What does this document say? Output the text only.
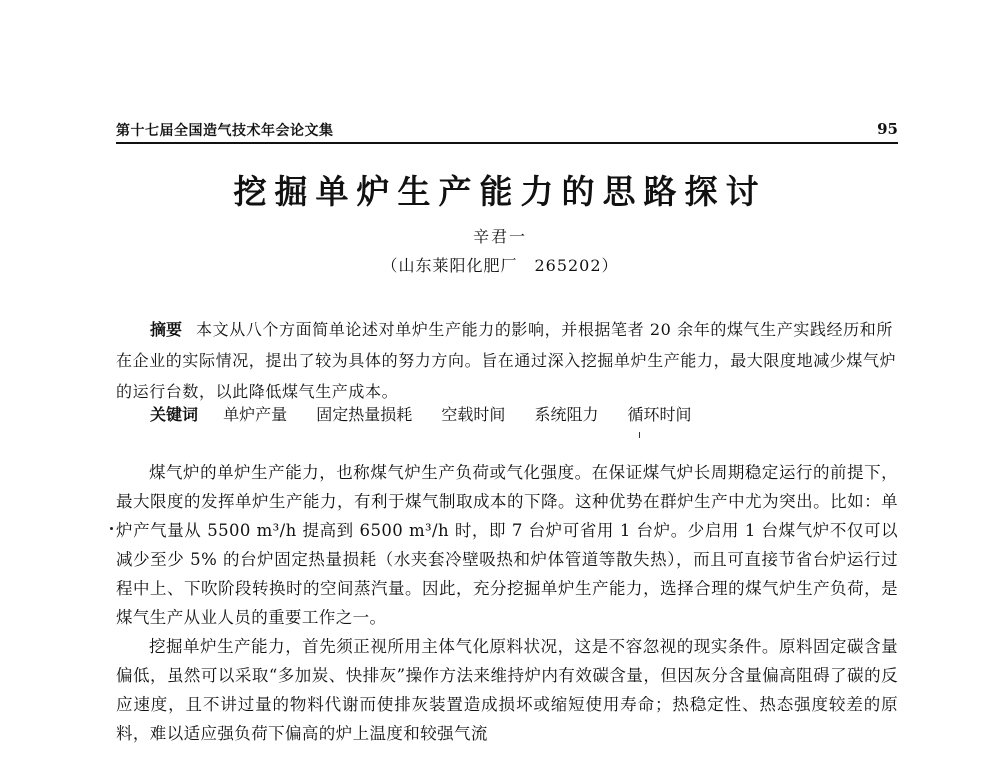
第十七届全国造气技术年会论文集	95
挖掘单炉生产能力的思路探讨
辛君一
（山东莱阳化肥厂　265202）
摘要 本文从八个方面简单论述对单炉生产能力的影响，并根据笔者 20 余年的煤气生产实践经历和所在企业的实际情况，提出了较为具体的努力方向。旨在通过深入挖掘单炉生产能力，最大限度地减少煤气炉的运行台数，以此降低煤气生产成本。
关键词 单炉产量 固定热量损耗 空载时间 系统阻力 循环时间

煤气炉的单炉生产能力，也称煤气炉生产负荷或气化强度。在保证煤气炉长周期稳定运行的前提下，最大限度的发挥单炉生产能力，有利于煤气制取成本的下降。这种优势在群炉生产中尤为突出。比如：单炉产气量从 5500 m³/h 提高到 6500 m³/h 时，即 7 台炉可省用 1 台炉。少启用 1 台煤气炉不仅可以减少至少 5% 的台炉固定热量损耗（水夹套冷壁吸热和炉体管道等散失热），而且可直接节省台炉运行过程中上、下吹阶段转换时的空间蒸汽量。因此，充分挖掘单炉生产能力，选择合理的煤气炉生产负荷，是煤气生产从业人员的重要工作之一。

挖掘单炉生产能力，首先须正视所用主体气化原料状况，这是不容忽视的现实条件。原料固定碳含量偏低，虽然可以采取“多加炭、快排灰”操作方法来维持炉内有效碳含量，但因灰分含量偏高阻碍了碳的反应速度，且不讲过量的物料代谢而使排灰装置造成损坏或缩短使用寿命；热稳定性、热态强度较差的原料，难以适应强负荷下偏高的炉上温度和较强气流
